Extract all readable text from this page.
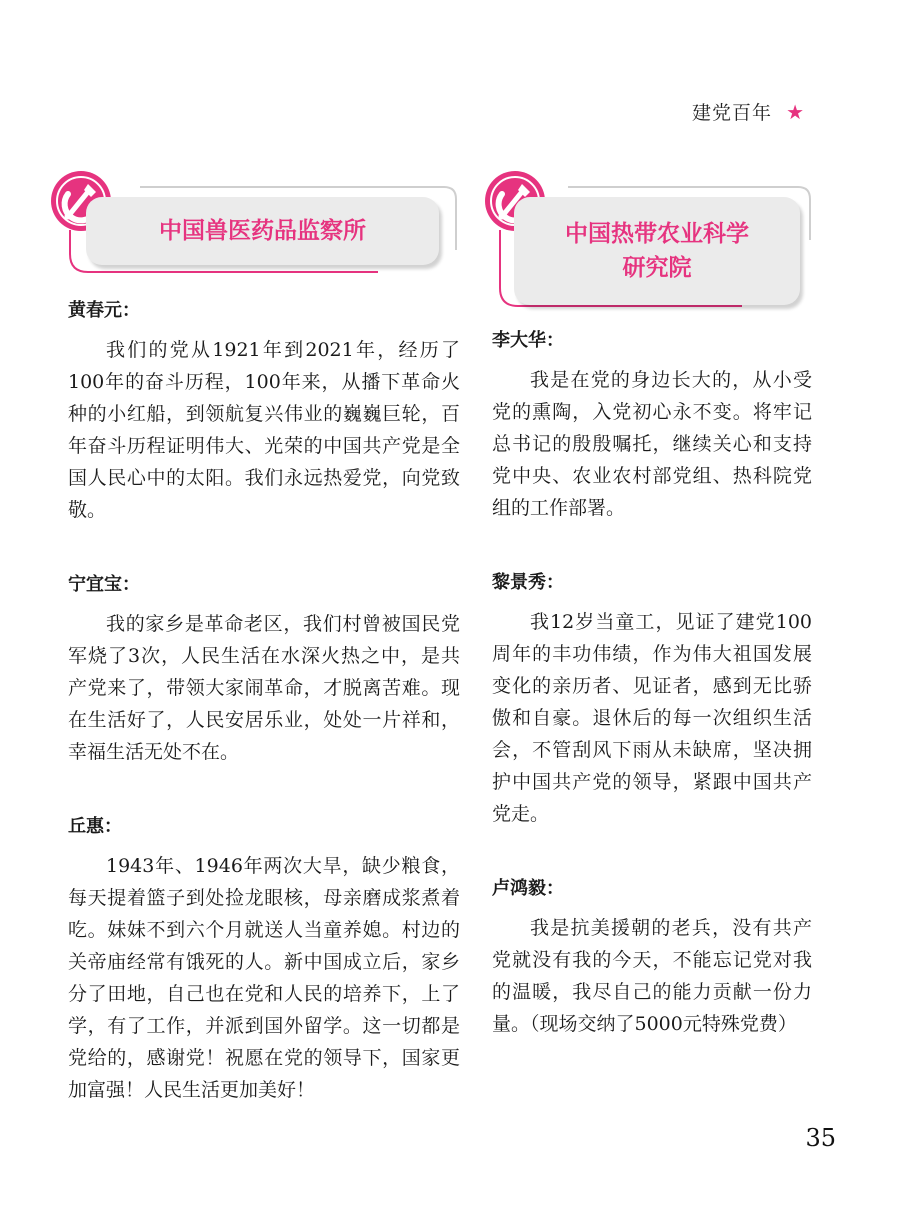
建党百年 ★
中国兽医药品监察所

黄春元：

我们的党从1921年到2021年，经历了100年的奋斗历程，100年来，从播下革命火种的小红船，到领航复兴伟业的巍巍巨轮，百年奋斗历程证明伟大、光荣的中国共产党是全国人民心中的太阳。我们永远热爱党，向党致敬。

宁宜宝：

我的家乡是革命老区，我们村曾被国民党军烧了3次，人民生活在水深火热之中，是共产党来了，带领大家闹革命，才脱离苦难。现在生活好了，人民安居乐业，处处一片祥和，幸福生活无处不在。

丘惠：

1943年、1946年两次大旱，缺少粮食，每天提着篮子到处捡龙眼核，母亲磨成浆煮着吃。妹妹不到六个月就送人当童养媳。村边的关帝庙经常有饿死的人。新中国成立后，家乡分了田地，自己也在党和人民的培养下，上了学，有了工作，并派到国外留学。这一切都是党给的，感谢党！祝愿在党的领导下，国家更加富强！人民生活更加美好！

中国热带农业科学
研究院

李大华：

我是在党的身边长大的，从小受党的熏陶，入党初心永不变。将牢记总书记的殷殷嘱托，继续关心和支持党中央、农业农村部党组、热科院党组的工作部署。

黎景秀：

我12岁当童工，见证了建党100周年的丰功伟绩，作为伟大祖国发展变化的亲历者、见证者，感到无比骄傲和自豪。退休后的每一次组织生活会，不管刮风下雨从未缺席，坚决拥护中国共产党的领导，紧跟中国共产党走。

卢鸿毅：

我是抗美援朝的老兵，没有共产党就没有我的今天，不能忘记党对我的温暖，我尽自己的能力贡献一份力量。（现场交纳了5000元特殊党费）

35
